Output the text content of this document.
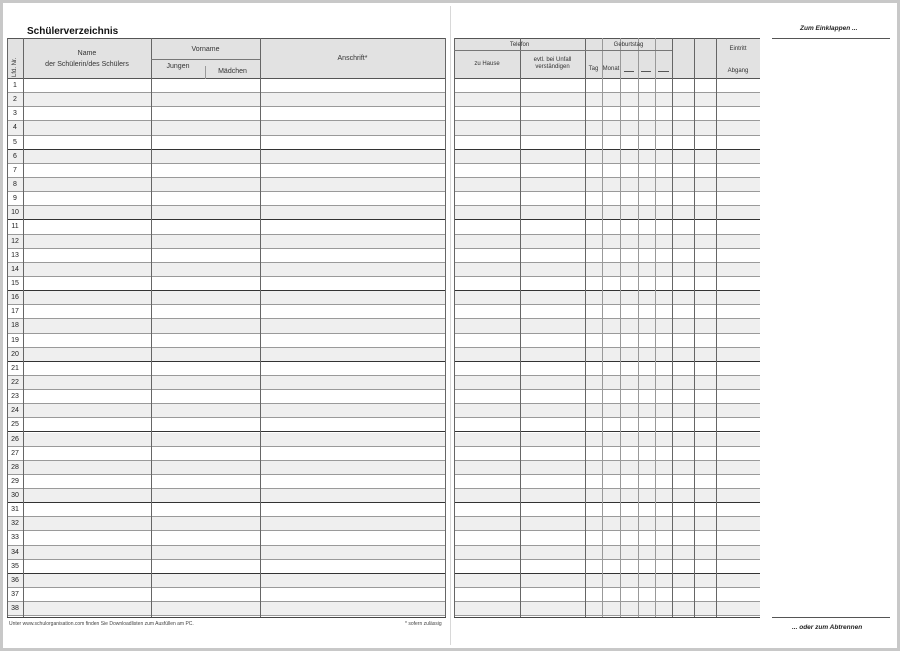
Schülerverzeichnis
1
2
3
4
5
6
7
8
9
10
11
12
13
14
15
16
17
18
19
20
21
22
23
24
25
26
27
28
29
30
31
32
33
34
35
36
37
38
Lfd. Nr.
Name
der Schülerin/des Schülers
Vorname
Jungen
Mädchen
Anschrift*
Telefon
zu Hause
evtl. bei Unfall
verständigen
Geburtstag
Tag Monat
Eintritt
Abgang
Unter www.schulorganisation.com finden Sie Downloadlisten zum Ausfüllen am PC.	* sofern zulässig
Zum Einklappen ...
... oder zum Abtrennen
